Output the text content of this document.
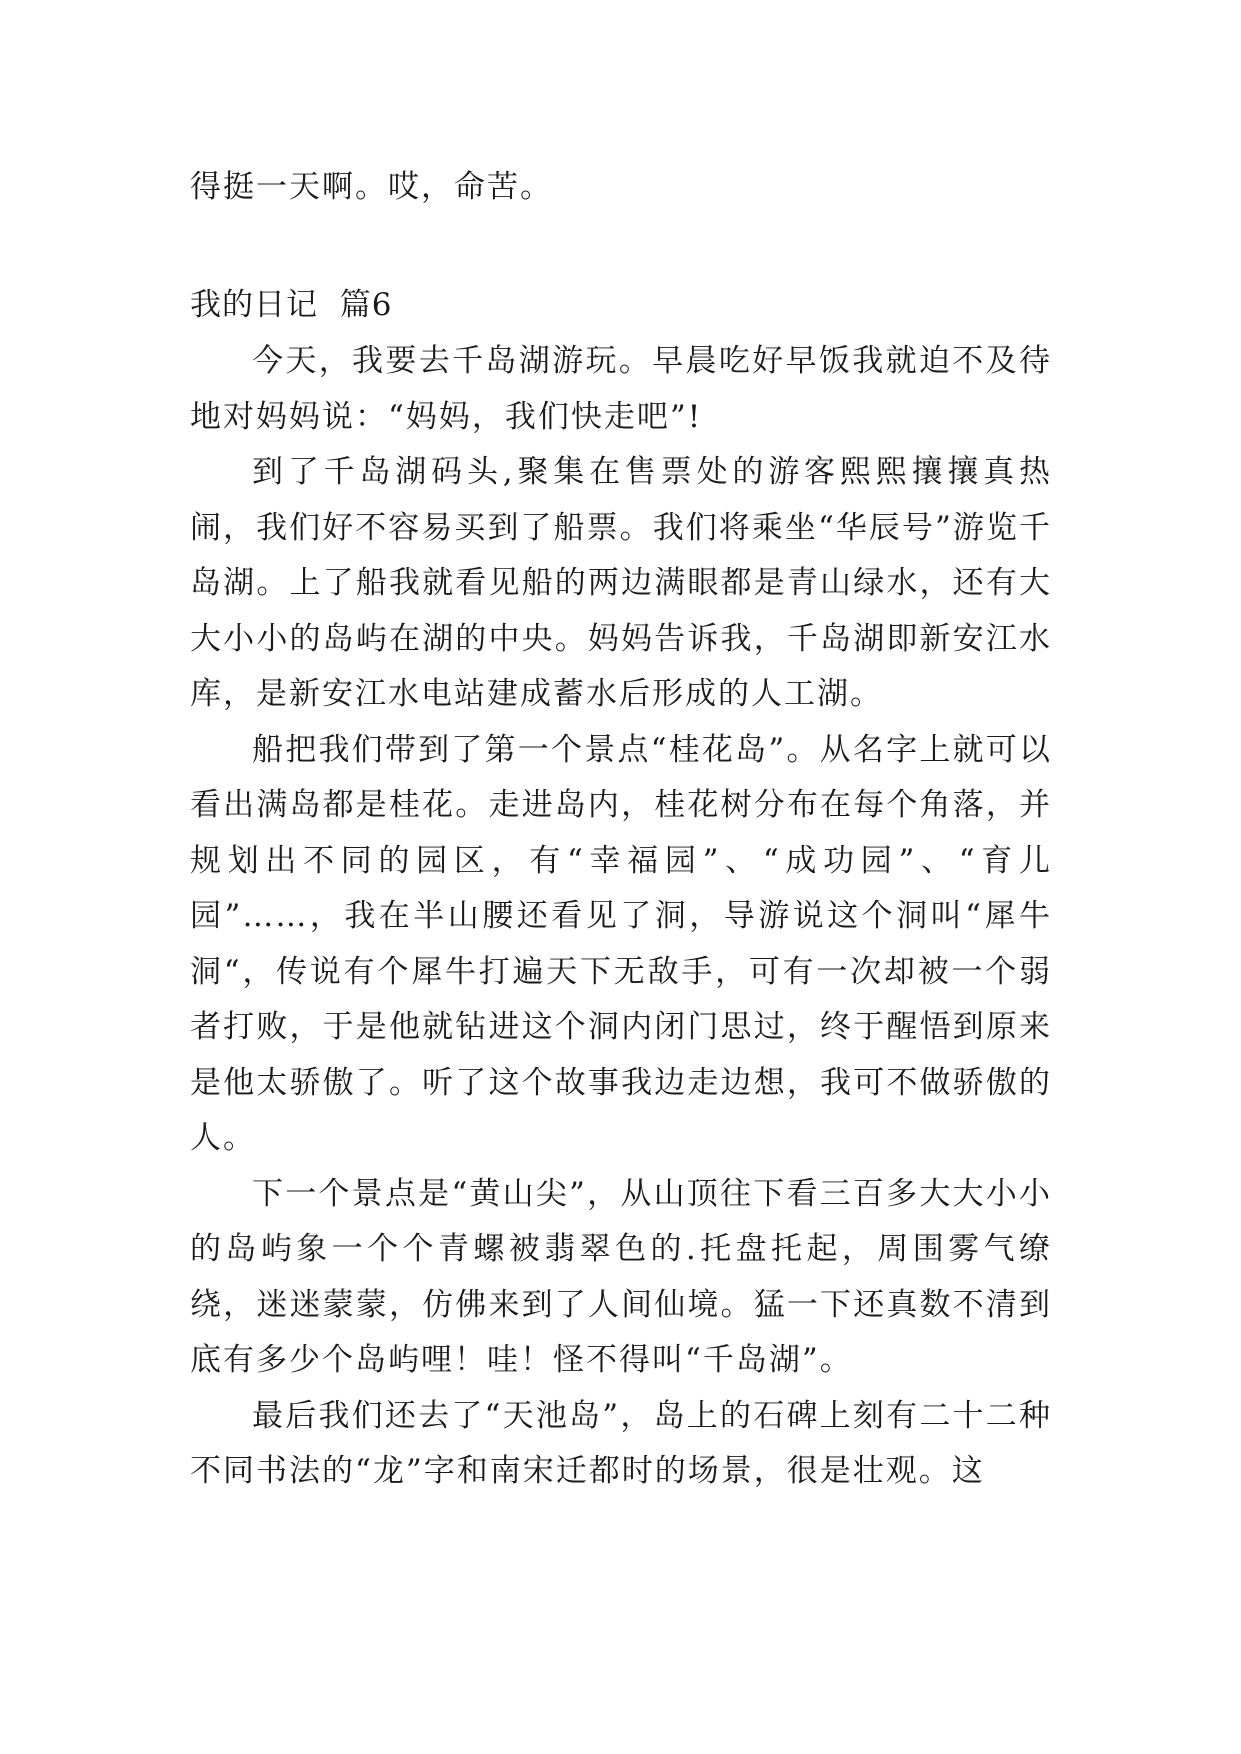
得挺一天啊。哎，命苦。

我的日记  篇6

今天，我要去千岛湖游玩。早晨吃好早饭我就迫不及待地对妈妈说：“妈妈，我们快走吧”!

到了千岛湖码头,聚集在售票处的游客熙熙攘攘真热闹，我们好不容易买到了船票。我们将乘坐“华辰号”游览千岛湖。上了船我就看见船的两边满眼都是青山绿水，还有大大小小的岛屿在湖的中央。妈妈告诉我，千岛湖即新安江水库，是新安江水电站建成蓄水后形成的人工湖。

船把我们带到了第一个景点“桂花岛”。从名字上就可以看出满岛都是桂花。走进岛内，桂花树分布在每个角落，并规划出不同的园区，有“幸福园”、“成功园”、“育儿园”……，我在半山腰还看见了洞，导游说这个洞叫“犀牛洞“，传说有个犀牛打遍天下无敌手，可有一次却被一个弱者打败，于是他就钻进这个洞内闭门思过，终于醒悟到原来是他太骄傲了。听了这个故事我边走边想，我可不做骄傲的人。

下一个景点是“黄山尖”，从山顶往下看三百多大大小小的岛屿象一个个青螺被翡翠色的.托盘托起，周围雾气缭绕，迷迷蒙蒙，仿佛来到了人间仙境。猛一下还真数不清到底有多少个岛屿哩！哇！怪不得叫“千岛湖”。

最后我们还去了“天池岛”，岛上的石碑上刻有二十二种不同书法的“龙”字和南宋迁都时的场景，很是壮观。这
